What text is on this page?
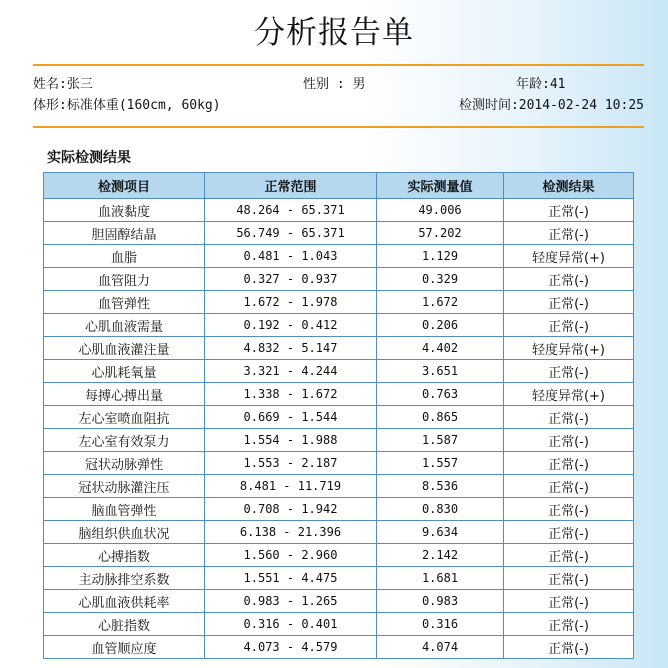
分析报告单
姓名:张三	性别 : 男	年龄:41
体形:标准体重(160cm, 60kg)	检测时间:2014-02-24 10:25
实际检测结果
检测项目	正常范围	实际测量值	检测结果
血液黏度	48.264 - 65.371	49.006	正常(-)
胆固醇结晶	56.749 - 65.371	57.202	正常(-)
血脂	0.481 - 1.043	1.129	轻度异常(+)
血管阻力	0.327 - 0.937	0.329	正常(-)
血管弹性	1.672 - 1.978	1.672	正常(-)
心肌血液需量	0.192 - 0.412	0.206	正常(-)
心肌血液灌注量	4.832 - 5.147	4.402	轻度异常(+)
心肌耗氧量	3.321 - 4.244	3.651	正常(-)
每搏心搏出量	1.338 - 1.672	0.763	轻度异常(+)
左心室喷血阻抗	0.669 - 1.544	0.865	正常(-)
左心室有效泵力	1.554 - 1.988	1.587	正常(-)
冠状动脉弹性	1.553 - 2.187	1.557	正常(-)
冠状动脉灌注压	8.481 - 11.719	8.536	正常(-)
脑血管弹性	0.708 - 1.942	0.830	正常(-)
脑组织供血状况	6.138 - 21.396	9.634	正常(-)
心搏指数	1.560 - 2.960	2.142	正常(-)
主动脉排空系数	1.551 - 4.475	1.681	正常(-)
心肌血液供耗率	0.983 - 1.265	0.983	正常(-)
心脏指数	0.316 - 0.401	0.316	正常(-)
血管顺应度	4.073 - 4.579	4.074	正常(-)
